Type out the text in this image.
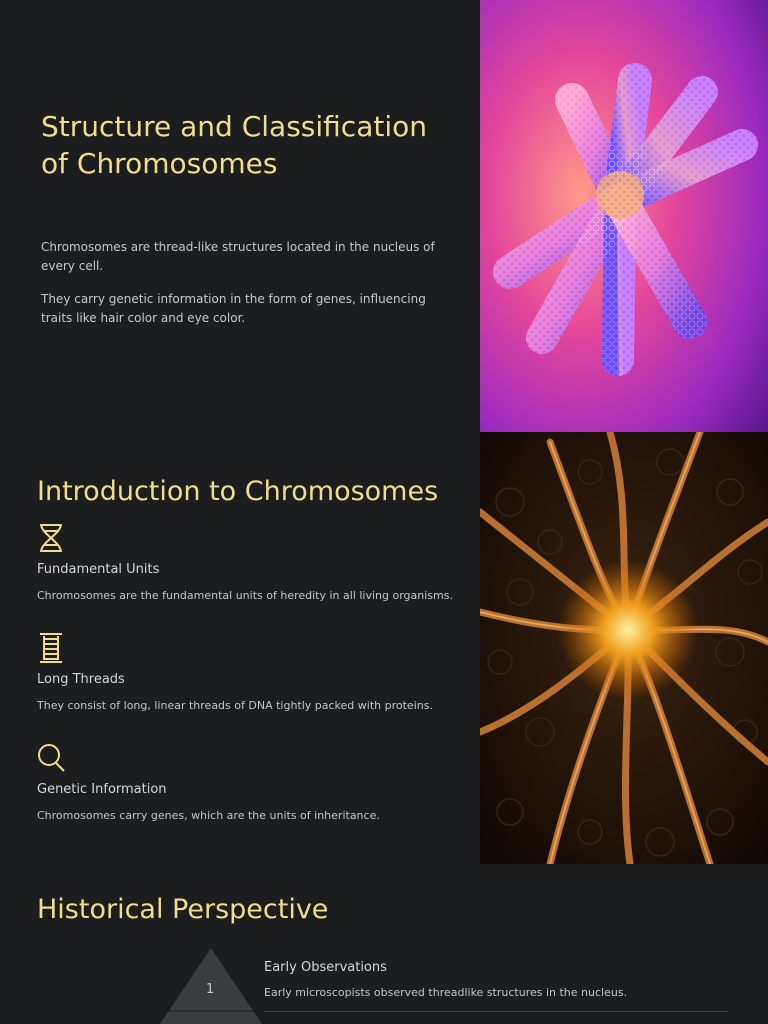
Structure and Classification of Chromosomes

Chromosomes are thread-like structures located in the nucleus of every cell.

They carry genetic information in the form of genes, influencing traits like hair color and eye color.

Introduction to Chromosomes
Fundamental Units
Chromosomes are the fundamental units of heredity in all living organisms.
Long Threads
They consist of long, linear threads of DNA tightly packed with proteins.
Genetic Information
Chromosomes carry genes, which are the units of inheritance.
Historical Perspective
1
Early Observations
Early microscopists observed threadlike structures in the nucleus.
